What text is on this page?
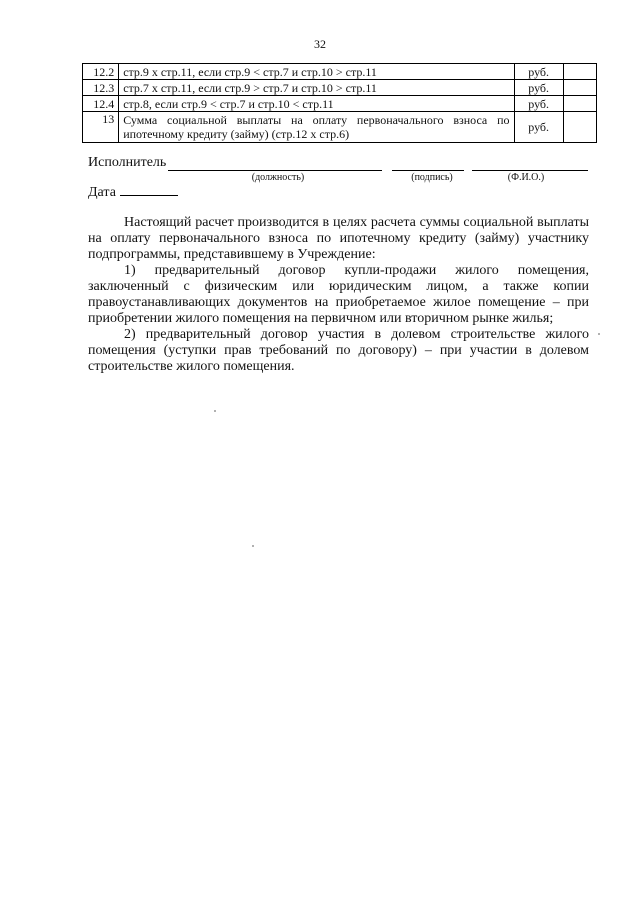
32
12.2	стр.9 х стр.11, если стр.9 < стр.7 и стр.10 > стр.11	руб.	
12.3	стр.7 х стр.11, если стр.9 > стр.7 и стр.10 > стр.11	руб.	
12.4	стр.8, если стр.9 < стр.7 и стр.10 < стр.11	руб.	
13	Сумма социальной выплаты на оплату первоначального взноса по ипотечному кредиту (займу) (стр.12 х стр.6)	руб.	
Исполнитель
(должность)	(подпись)	(Ф.И.О.)
Дата

Настоящий расчет производится в целях расчета суммы социальной выплаты на оплату первоначального взноса по ипотечному кредиту (займу) участнику подпрограммы, представившему в Учреждение:

1) предварительный договор купли-продажи жилого помещения, заключенный с физическим или юридическим лицом, а также копии правоустанавливающих документов на приобретаемое жилое помещение – при приобретении жилого помещения на первичном или вторичном рынке жилья;

2) предварительный договор участия в долевом строительстве жилого помещения (уступки прав требований по договору) – при участии в долевом строительстве жилого помещения.
